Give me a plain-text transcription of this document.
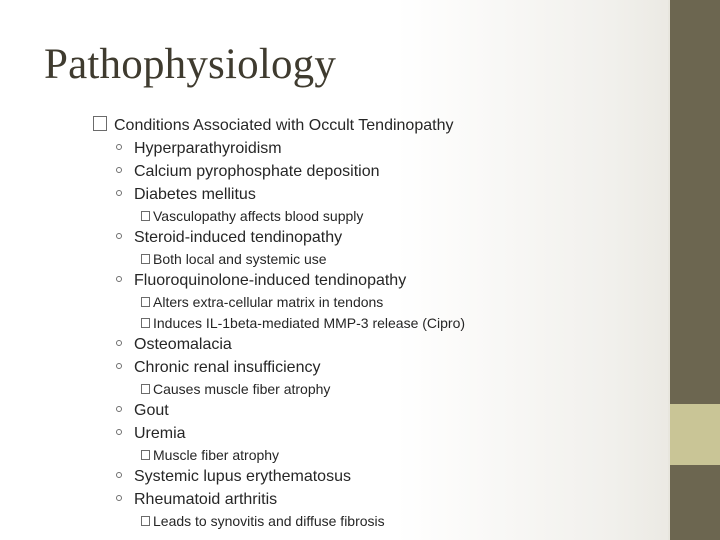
Pathophysiology
Conditions Associated with Occult Tendinopathy
Hyperparathyroidism
Calcium pyrophosphate deposition
Diabetes mellitus
Vasculopathy affects blood supply
Steroid-induced tendinopathy
Both local and systemic use
Fluoroquinolone-induced tendinopathy
Alters extra-cellular matrix in tendons
Induces IL-1beta-mediated MMP-3 release (Cipro)
Osteomalacia
Chronic renal insufficiency
Causes muscle fiber atrophy
Gout
Uremia
Muscle fiber atrophy
Systemic lupus erythematosus
Rheumatoid arthritis
Leads to synovitis and diffuse fibrosis
